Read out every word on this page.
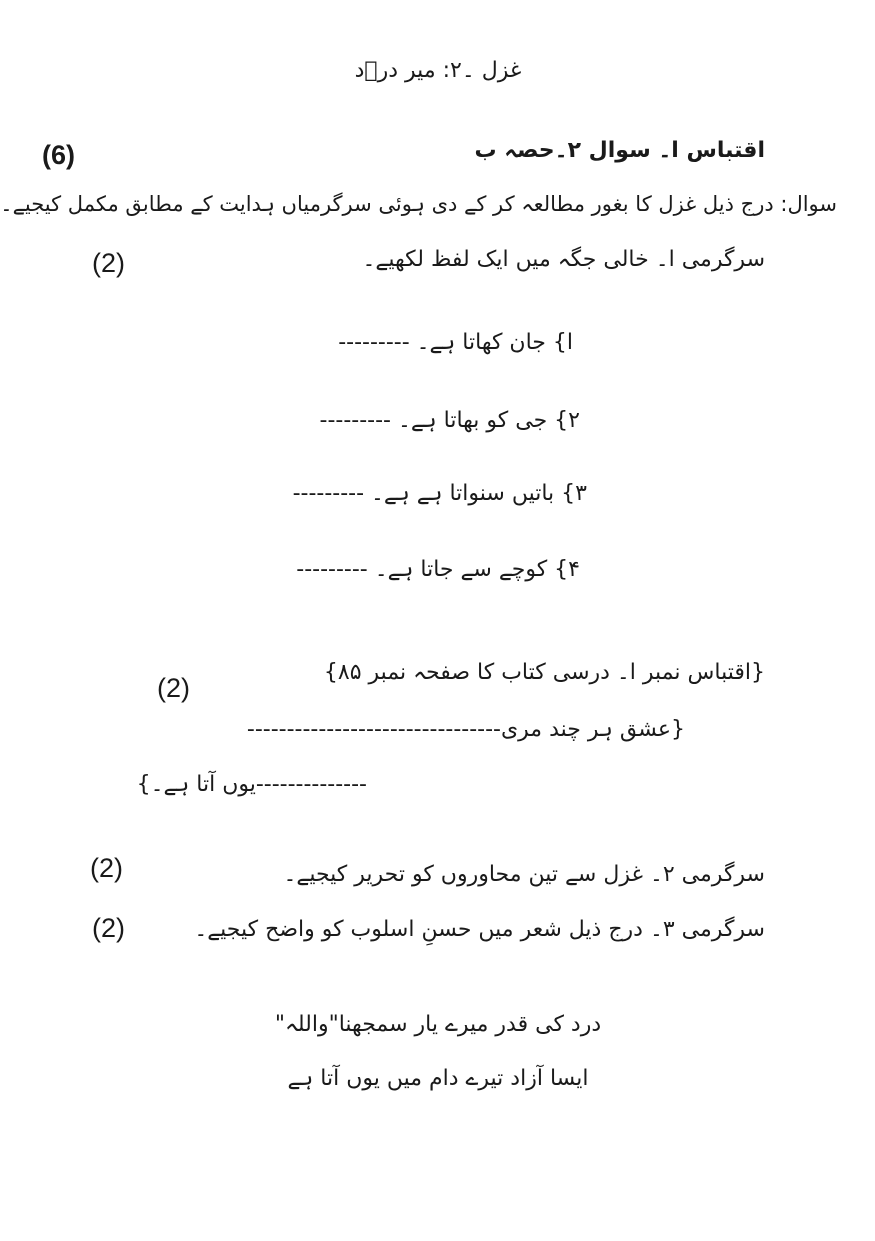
غزل ۔۲: میر درؔد
اقتباس ا۔ سوال ۲۔حصہ ب
(6)
سوال: درج ذیل غزل کا بغور مطالعہ کر کے دی ہوئی سرگرمیاں ہدایت کے مطابق مکمل کیجیے۔
سرگرمی ا۔ خالی جگہ میں ایک لفظ لکھیے۔
(2)
ا} جان کھاتا ہے۔ ---------
۲} جی کو بھاتا ہے۔ ---------
۳} باتیں سنواتا ہے ہے۔ ---------
۴} کوچے سے جاتا ہے۔ ---------
{اقتباس نمبر ا۔ درسی کتاب کا صفحہ نمبر ۸۵}
(2)
{عشق ہر چند مری--------------------------------
--------------یوں آتا ہے۔}
سرگرمی ۲۔ غزل سے تین محاوروں کو تحریر کیجیے۔
(2)
سرگرمی ۳۔ درج ذیل شعر میں حسنِ اسلوب کو واضح کیجیے۔
(2)
درد کی قدر میرے یار سمجھنا"واللہ"
ایسا آزاد تیرے دام میں یوں آتا ہے
